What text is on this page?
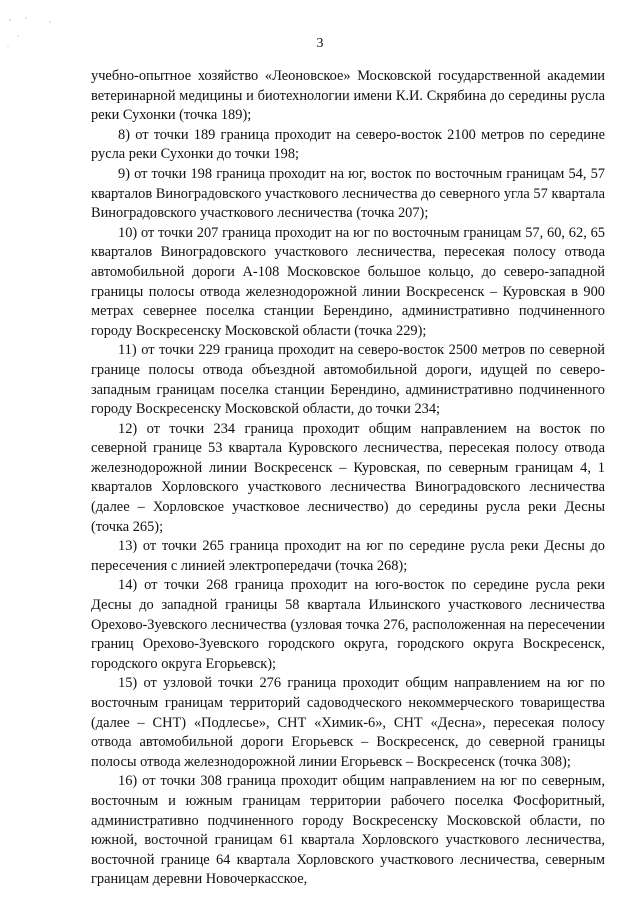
3

учебно-опытное хозяйство «Леоновское» Московской государственной академии ветеринарной медицины и биотехнологии имени К.И. Скрябина до середины русла реки Сухонки (точка 189);

8) от точки 189 граница проходит на северо-восток 2100 метров по середине русла реки Сухонки до точки 198;

9) от точки 198 граница проходит на юг, восток по восточным границам 54, 57 кварталов Виноградовского участкового лесничества до северного угла 57 квартала Виноградовского участкового лесничества (точка 207);

10) от точки 207 граница проходит на юг по восточным границам 57, 60, 62, 65 кварталов Виноградовского участкового лесничества, пересекая полосу отвода автомобильной дороги А-108 Московское большое кольцо, до северо-западной границы полосы отвода железнодорожной линии Воскресенск – Куровская в 900 метрах севернее поселка станции Берендино, административно подчиненного городу Воскресенску Московской области (точка 229);

11) от точки 229 граница проходит на северо-восток 2500 метров по северной границе полосы отвода объездной автомобильной дороги, идущей по северо-западным границам поселка станции Берендино, административно подчиненного городу Воскресенску Московской области, до точки 234;

12) от точки 234 граница проходит общим направлением на восток по северной границе 53 квартала Куровского лесничества, пересекая полосу отвода железнодорожной линии Воскресенск – Куровская, по северным границам 4, 1 кварталов Хорловского участкового лесничества Виноградовского лесничества (далее – Хорловское участковое лесничество) до середины русла реки Десны (точка 265);

13) от точки 265 граница проходит на юг по середине русла реки Десны до пересечения с линией электропередачи (точка 268);

14) от точки 268 граница проходит на юго-восток по середине русла реки Десны до западной границы 58 квартала Ильинского участкового лесничества Орехово-Зуевского лесничества (узловая точка 276, расположенная на пересечении границ Орехово-Зуевского городского округа, городского округа Воскресенск, городского округа Егорьевск);

15) от узловой точки 276 граница проходит общим направлением на юг по восточным границам территорий садоводческого некоммерческого товарищества (далее – СНТ) «Подлесье», СНТ «Химик-6», СНТ «Десна», пересекая полосу отвода автомобильной дороги Егорьевск – Воскресенск, до северной границы полосы отвода железнодорожной линии Егорьевск – Воскресенск (точка 308);

16) от точки 308 граница проходит общим направлением на юг по северным, восточным и южным границам территории рабочего поселка Фосфоритный, административно подчиненного городу Воскресенску Московской области, по южной, восточной границам 61 квартала Хорловского участкового лесничества, восточной границе 64 квартала Хорловского участкового лесничества, северным границам деревни Новочеркасское,
